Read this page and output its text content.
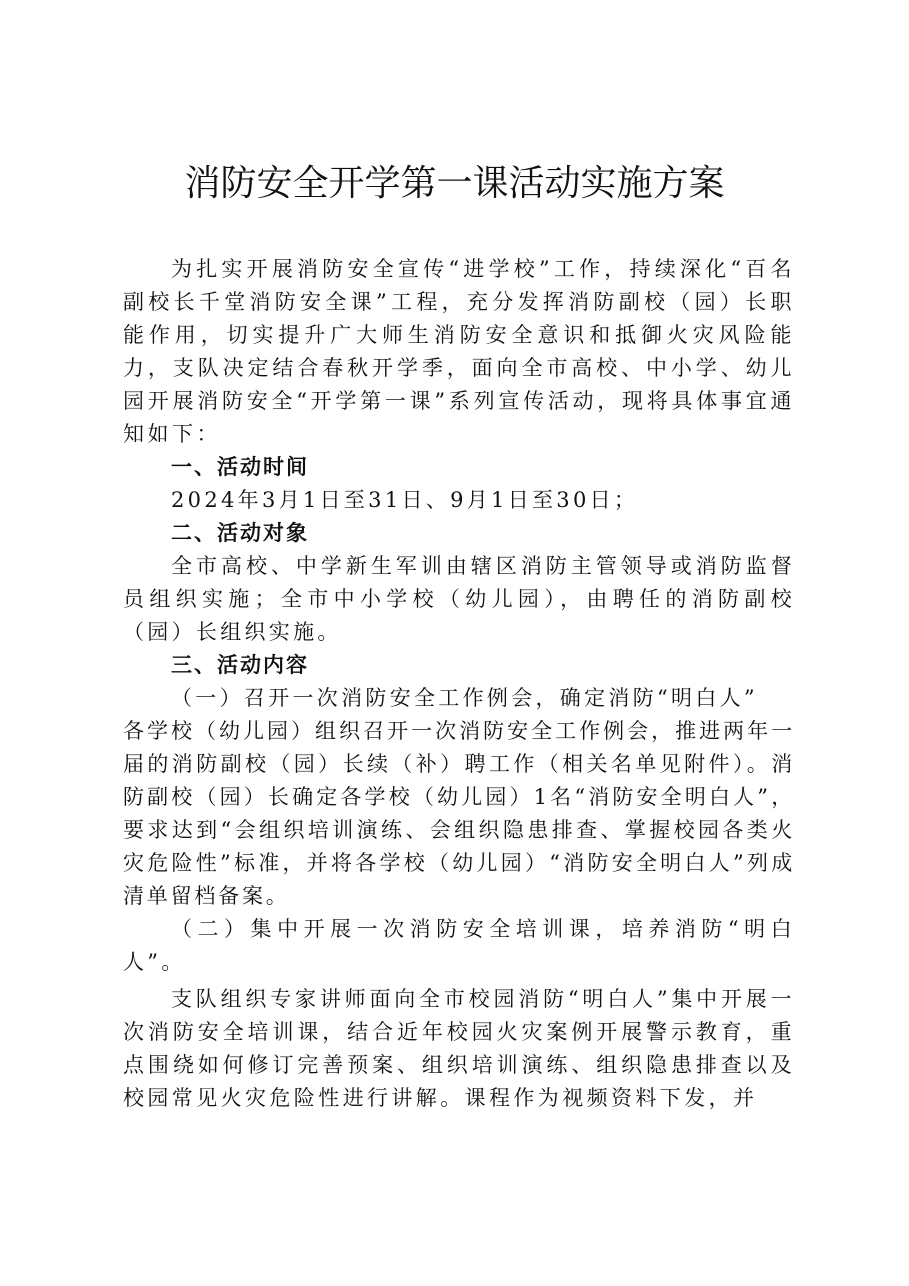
消防安全开学第一课活动实施方案

为扎实开展消防安全宣传“进学校”工作，持续深化“百名副校长千堂消防安全课”工程，充分发挥消防副校（园）长职能作用，切实提升广大师生消防安全意识和抵御火灾风险能力，支队决定结合春秋开学季，面向全市高校、中小学、幼儿园开展消防安全“开学第一课”系列宣传活动，现将具体事宜通知如下：

一、活动时间

2024年3月1日至31日、9月1日至30日；

二、活动对象

全市高校、中学新生军训由辖区消防主管领导或消防监督员组织实施；全市中小学校（幼儿园），由聘任的消防副校（园）长组织实施。

三、活动内容

（一）召开一次消防安全工作例会，确定消防“明白人”

各学校（幼儿园）组织召开一次消防安全工作例会，推进两年一届的消防副校（园）长续（补）聘工作（相关名单见附件）。消防副校（园）长确定各学校（幼儿园）1名“消防安全明白人”，要求达到“会组织培训演练、会组织隐患排查、掌握校园各类火灾危险性”标准，并将各学校（幼儿园）“消防安全明白人”列成清单留档备案。

（二）集中开展一次消防安全培训课，培养消防“明白人”。

支队组织专家讲师面向全市校园消防“明白人”集中开展一次消防安全培训课，结合近年校园火灾案例开展警示教育，重点围绕如何修订完善预案、组织培训演练、组织隐患排查以及校园常见火灾危险性进行讲解。课程作为视频资料下发，并
